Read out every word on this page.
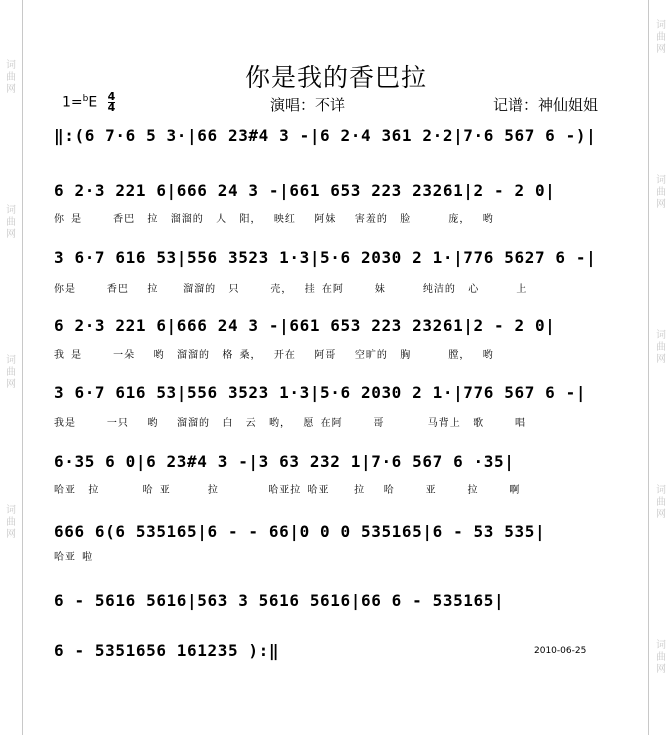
词曲网
词曲网
词曲网
词曲网
词曲网
词曲网
词曲网
词曲网
词曲网
你是我的香巴拉
$1=^bE \frac{4}{4}$	演唱：不详	记谱：神仙姐姐
‖:(6 7·6 5 3·|66 23#4 3 -|6 2·4 361 2·2|7·6 567 6 -)|
6 2·3 221 6|666 24 3 -|661 653 223 23261|2 - 2 0|
你 是     香巴  拉  溜溜的  人  阳，  映红   阿妹   害羞的  脸      庞，  哟
3 6·7 616 53|556 3523 1·3|5·6 2030 2 1·|776 5627 6 -|
你是     香巴   拉    溜溜的  只     壳，  挂 在阿     妹      纯洁的  心      上
6 2·3 221 6|666 24 3 -|661 653 223 23261|2 - 2 0|
我 是     一朵   哟  溜溜的  格 桑，  开在   阿哥   空旷的  胸      膛，  哟
3 6·7 616 53|556 3523 1·3|5·6 2030 2 1·|776 567 6 -|
我是     一只   哟   溜溜的  白  云  哟，  愿 在阿     哥       马背上  歌     唱
6·35 6 0|6 23#4 3 -|3 63 232 1|7·6 567 6 ·35|
哈亚  拉       哈 亚      拉        哈亚拉 哈亚    拉   哈     亚     拉     啊
666 6(6 535165|6 - - 66|0 0 0 535165|6 - 53 535|
哈亚 啦
6 - 5616 5616|563 3 5616 5616|66 6 - 535165|
6 - 5351656 161235 ):‖	2010-06-25
